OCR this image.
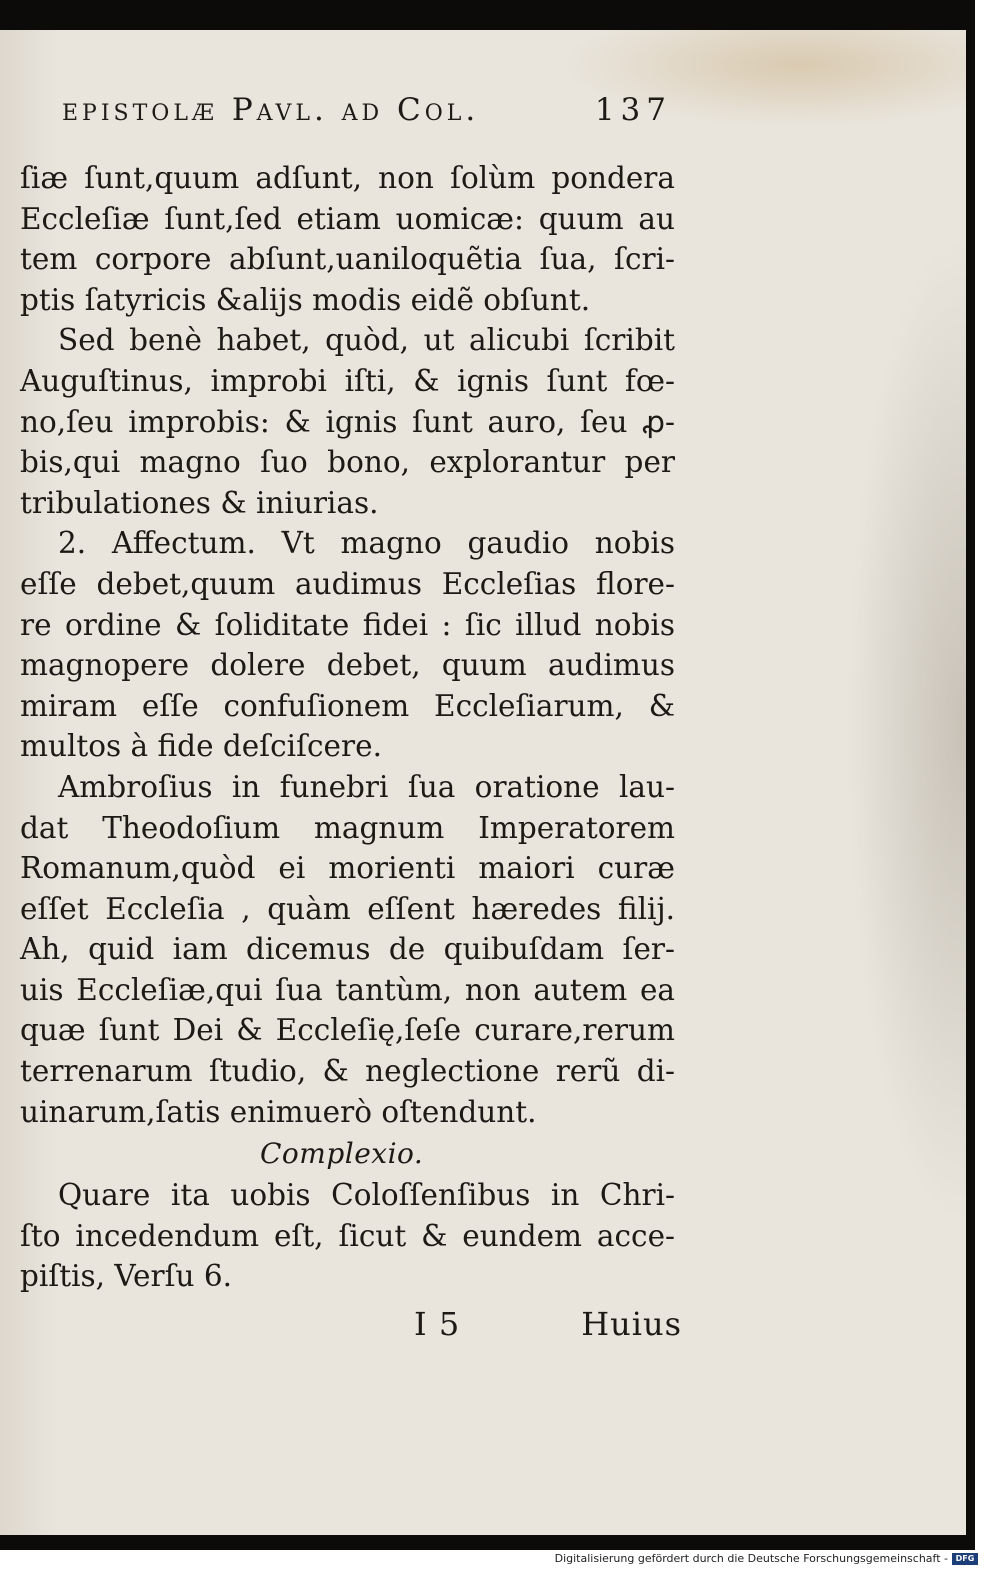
epistolæ Pavl. ad Col.	137
ſiæ ſunt,quum adſunt, non ſolùm pondera
Eccleſiæ ſunt,ſed etiam uomicæ: quum au
tem corpore abſunt,uaniloquẽtia ſua, ſcri-
ptis ſatyricis &alijs modis eidẽ obſunt.
Sed benè habet, quòd, ut alicubi ſcribit
Auguſtinus, improbi iſti, & ignis ſunt fœ-
no,ſeu improbis: & ignis ſunt auro, ſeu ꝓ-
bis,qui magno ſuo bono, explorantur per
tribulationes & iniurias.
2. Affectum. Vt magno gaudio nobis
eſſe debet,quum audimus Eccleſias flore-
re ordine & ſoliditate fidei : ſic illud nobis
magnopere dolere debet, quum audimus
miram eſſe confuſionem Eccleſiarum, &
multos à fide deſciſcere.
Ambroſius in funebri ſua oratione lau-
dat Theodoſium magnum Imperatorem
Romanum,quòd ei morienti maiori curæ
eſſet Eccleſia , quàm eſſent hæredes filij.
Ah, quid iam dicemus de quibuſdam ſer-
uis Eccleſiæ,qui ſua tantùm, non autem ea
quæ ſunt Dei & Eccleſię,ſeſe curare,rerum
terrenarum ſtudio, & neglectione rerũ di-
uinarum,ſatis enimuerò oſtendunt.
Complexio.
Quare ita uobis Coloſſenſibus in Chri-
ſto incedendum eſt, ſicut & eundem acce-
piſtis, Verſu 6.
I 5	Huius
Digitalisierung gefördert durch die Deutsche Forschungsgemeinschaft - DFG
